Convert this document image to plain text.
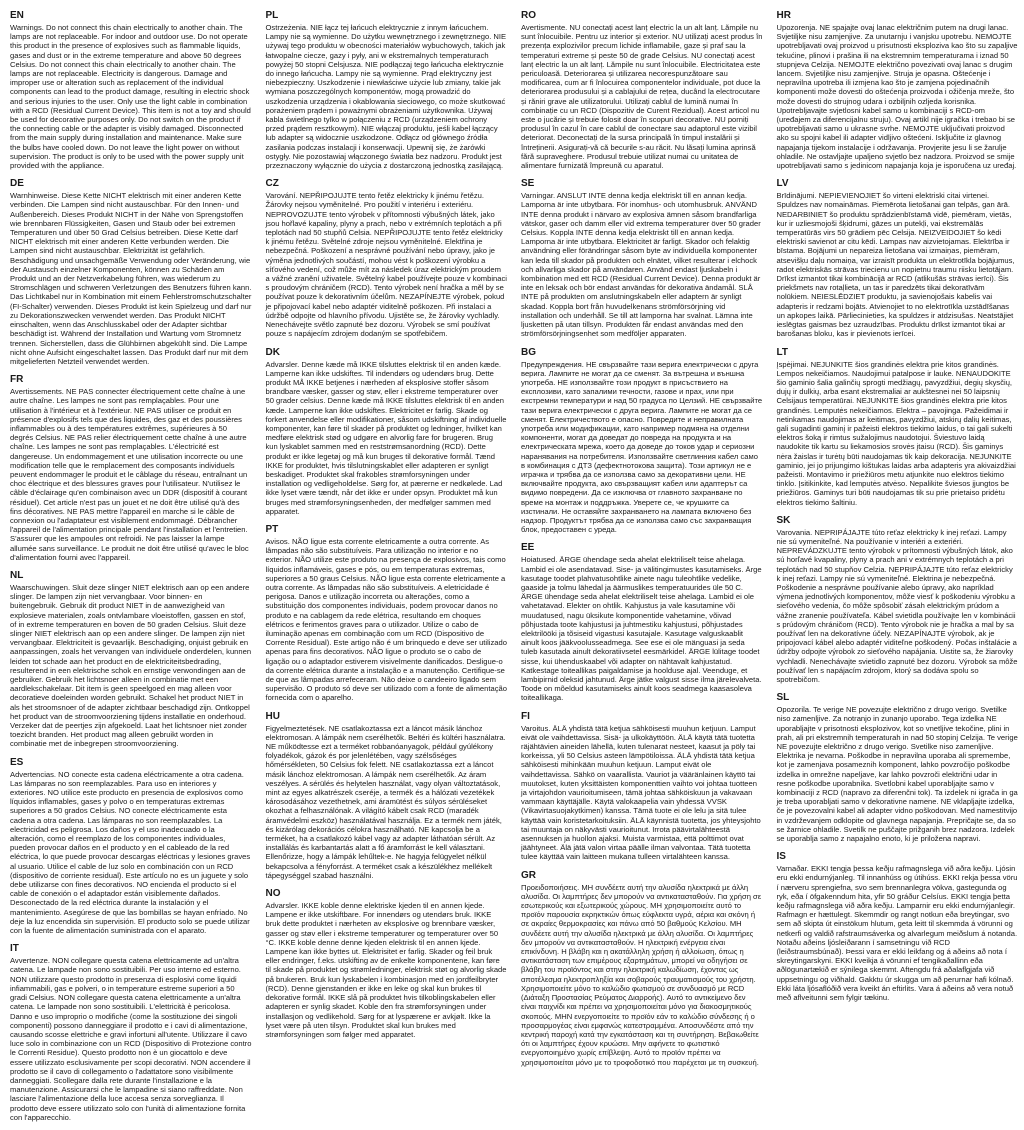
EN

Warnings. Do not connect this chain electrically to another chain. The lamps are not replaceable. For indoor and outdoor use. Do not operate this product in the presence of explosives such as flammable liquids, gases and dust or in the extreme temperature and above 50 degrees Celsius. Do not connect this chain electrically to another chain. The lamps are not replaceable. Electricity is dangerous. Damage and improper use or alteration such as replacement of the individual components can lead to the product damage, resulting in electric shock and serious injuries to the user. Only use the light cable in combination with a RCD (Residual Current Device). This item is not a toy and should be used for decorative purposes only. Do not switch on the product if the connecting cable or the adapter is visibly damaged. Disconnected from the main supply during installation and maintenance. Make sure the bulbs have cooled down. Do not leave the light power on without supervision. The product is only to be used with the power supply unit provided with the appliance.

DE

Warnhinweise. Diese Kette NICHT elektrisch mit einer anderen Kette verbinden. Die Lampen sind nicht austauschbar. Für den Innen- und Außenbereich. Dieses Produkt NICHT in der Nähe von Sprengstoffen wie brennbaren Flüssigkeiten, Gasen und Staub oder bei extremen Temperaturen und über 50 Grad Celsius betreiben. Diese Kette darf NICHT elektrisch mit einer anderen Kette verbunden werden. Die Lampen sind nicht austauschbar. Elektrizität ist gefährlich. Beschädigung und unsachgemäße Verwendung oder Veränderung, wie der Austausch einzelner Komponenten, können zu Schäden am Produkt und an der Netzverkabelung führen, was wiederum zu Stromschlägen und schweren Verletzungen des Benutzers führen kann. Das Lichtkabel nur in Kombination mit einem Fehlerstromschutzschalter (FI-Schalter) verwenden. Dieses Produkt ist kein Spielzeug und darf nur zu Dekorationszwecken verwendet werden. Das Produkt NICHT einschalten, wenn das Anschlusskabel oder der Adapter sichtbar beschädigt ist. Während der Installation und Wartung vom Stromnetz trennen. Sicherstellen, dass die Glühbirnen abgekühlt sind. Die Lampe nicht ohne Aufsicht eingeschaltet lassen. Das Produkt darf nur mit dem mitgelieferten Netzteil verwendet werden.

FR

Avertissements. NE PAS connecter électriquement cette chaîne à une autre chaîne. Les lampes ne sont pas remplaçables. Pour une utilisation à l'intérieur et à l'extérieur. NE PAS utiliser ce produit en présence d'explosifs tels que des liquides, des gaz et des poussières inflammables ou à des températures extrêmes, supérieures à 50 degrés Celsius. NE PAS relier électriquement cette chaîne à une autre chaîne. Les lampes ne sont pas remplaçables. L'électricité est dangereuse. Un endommagement et une utilisation incorrecte ou une modification telle que le remplacement des composants individuels peuvent endommager le produit et le câblage du réseau, entraînant un choc électrique et des blessures graves pour l'utilisateur. N'utilisez le câble d'éclairage qu'en combinaison avec un DDR (dispositif à courant résiduel). Cet article n'est pas un jouet et ne doit être utilisé qu'à des fins décoratives. NE PAS mettre l'appareil en marche si le câble de connexion ou l'adaptateur est visiblement endommagé. Débrancher l'appareil de l'alimentation principale pendant l'installation et l'entretien. S'assurer que les ampoules ont refroidi. Ne pas laisser la lampe allumée sans surveillance. Le produit ne doit être utilisé qu'avec le bloc d'alimentation fourni avec l'appareil.

NL

Waarschuwingen. Sluit deze slinger NIET elektrisch aan op een andere slinger. De lampen zijn niet vervangbaar. Voor binnen- en buitengebruik. Gebruik dit product NIET in de aanwezigheid van explosieve materialen, zoals ontvlambare vloeistoffen, gassen en stof, of in extreme temperaturen en boven de 50 graden Celsius. Sluit deze slinger NIET elektrisch aan op een andere slinger. De lampen zijn niet vervangbaar. Elektriciteit is gevaarlijk. Beschadiging, onjuist gebruik en aanpassingen, zoals het vervangen van individuele onderdelen, kunnen leiden tot schade aan het product en de elektriciteitsbedrading, resulterend in een elektrische schok en ernstige verwondingen aan de gebruiker. Gebruik het lichtsnoer alleen in combinatie met een aardlekschakelaar. Dit item is geen speelgoed en mag alleen voor decoratieve doeleinden worden gebruikt. Schakel het product NIET in als het stroomsnoer of de adapter zichtbaar beschadigd zijn. Ontkoppel het product van de stroomvoorziening tijdens installatie en onderhoud. Verzeker dat de peertjes zijn afgekoeld. Laat het lichtsnoer niet zonder toezicht branden. Het product mag alleen gebruikt worden in combinatie met de inbegrepen stroomvoorziening.

ES

Advertencias. NO conecte esta cadena eléctricamente a otra cadena. Las lámparas no son reemplazables. Para uso en interiores y exteriores. NO utilice este producto en presencia de explosivos como líquidos inflamables, gases y polvo o en temperaturas extremas superiores a 50 grados Celsius. NO conecte eléctricamente esta cadena a otra cadena. Las lámparas no son reemplazables. La electricidad es peligrosa. Los daños y el uso inadecuado o la alteración, como el reemplazo de los componentes individuales, pueden provocar daños en el producto y en el cableado de la red eléctrica, lo que puede provocar descargas eléctricas y lesiones graves al usuario. Utilice el cable de luz solo en combinación con un RCD (dispositivo de corriente residual). Este artículo no es un juguete y solo debe utilizarse con fines decorativos. NO encienda el producto si el cable de conexión o el adaptador están visiblemente dañados. Desconectado de la red eléctrica durante la instalación y el mantenimiento. Asegúrese de que las bombillas se hayan enfriado. No deje la luz encendida sin supervisión. El producto solo se puede utilizar con la fuente de alimentación suministrada con el aparato.

IT

Avvertenze. NON collegare questa catena elettricamente ad un'altra catena. Le lampade non sono sostituibili. Per uso interno ed esterno. NON utilizzare questo prodotto in presenza di esplosivi come liquidi infiammabili, gas e polveri, o in temperature estreme superiori a 50 gradi Celsius. NON collegare questa catena elettricamente a un'altra catena. Le lampade non sono sostituibili. L'elettricità è pericolosa. Danno e uso improprio o modifiche (come la sostituzione dei singoli componenti) possono danneggiare il prodotto e i cavi di alimentazione, causando scosse elettriche e gravi infortuni all'utente. Utilizzare il cavo luce solo in combinazione con un RCD (Dispositivo di Protezione contro le Correnti Residue). Questo prodotto non è un giocattolo e deve essere utilizzato esclusivamente per scopi decorativi. NON accendere il prodotto se il cavo di collegamento o l'adattatore sono visibilmente danneggiati. Scollegare dalla rete durante l'installazione e la manutenzione. Assicurarsi che le lampadine si siano raffreddate. Non lasciare l'alimentazione della luce accesa senza sorveglianza. Il prodotto deve essere utilizzato solo con l'unità di alimentazione fornita con l'apparecchio.

PL

Ostrzeżenia. NIE łącz tej łańcuch elektrycznie z innym łańcuchem. Lampy nie są wymienne. Do użytku wewnętrznego i zewnętrznego. NIE używaj tego produktu w obecności materiałów wybuchowych, takich jak łatwopalne ciecze, gazy i pyły, ani w ekstremalnych temperaturach powyżej 50 stopni Celsjusza. NIE podłączaj tego łańcucha elektrycznie do innego łańcucha. Lampy nie są wymienne. Prąd elektryczny jest niebezpieczny. Uszkodzenie i niewłaściwe użycie lub zmiany, takie jak wymiana poszczególnych komponentów, mogą prowadzić do uszkodzenia urządzenia i okablowania sieciowego, co może skutkować porażeniem prądem i poważnymi obrażeniami użytkownika. Używaj kabla świetlnego tylko w połączeniu z RCD (urządzeniem ochrony przed prądem resztkowym). NIE włączaj produktu, jeśli kabel łączący lub adapter są widocznie uszkodzone. Odłącz od głównego źródła zasilania podczas instalacji i konserwacji. Upewnij się, że żarówki ostygły. Nie pozostawiaj włączonego światła bez nadzoru. Produkt jest przeznaczony wyłącznie do użycia z dostarczoną jednostką zasilającą.

CZ

Varování. NEPŘIPOJUJTE tento řetěz elektricky k jinému řetězu. Žárovky nejsou vyměnitelné. Pro použití v interiéru i exteriéru. NEPROVOZUJTE tento výrobek v přítomnosti výbušných látek, jako jsou hořlavé kapaliny, plyny a prach, nebo v extrémních teplotách a při teplotách nad 50 stupňů Celsia. NEPŘIPOJUJTE tento řetěz elektricky k jinému řetězu. Světelné zdroje nejsou vyměnitelné. Elektřina je nebezpečná. Poškození a nesprávné používání nebo úpravy, jako je výměna jednotlivých součástí, mohou vést k poškození výrobku a síťového vedení, což může mít za následek úraz elektrickým proudem a vážné zranění uživatele. Světelný kabel používejte pouze v kombinaci s proudovým chráničem (RCD). Tento výrobek není hračka a měl by se používat pouze k dekorativním účelům. NEZAPÍNEJTE výrobek, pokud je připojovací kabel nebo adaptér viditelně poškozen. Při instalaci a údržbě odpojte od hlavního přívodu. Ujistěte se, že žárovky vychladly. Nenechávejte světlo zapnuté bez dozoru. Výrobek se smí používat pouze s napájecím zdrojem dodaným se spotřebičem.

DK

Advarsler. Denne kæde må IKKE tilsluttes elektrisk til en anden kæde. Lamperne kan ikke udskiftes. Til indendørs og udendørs brug. Dette produkt MÅ IKKE betjenes i nærheden af eksplosive stoffer såsom brandbare væsker, gasser og støv, eller i ekstreme temperaturer over 50 grader celsius. Denne kæde må IKKE tilsluttes elektrisk til en anden kæde. Lamperne kan ikke udskiftes. Elektricitet er farlig. Skade og forkert anvendelse eller modifikationer, såsom udskiftning af individuelle komponenter, kan føre til skader på produktet og ledninger, hvilket kan medføre elektrisk stød og udgøre en alvorlig fare for brugeren. Brug kun lyskablet sammen med en reststrømsanordning (RCD). Dette produkt er ikke legetøj og må kun bruges til dekorative formål. Tænd IKKE for produktet, hvis tilslutningskablet eller adapteren er synligt beskadiget. Produktet skal frakobles strømforsyningen under installation og vedligeholdelse. Sørg for, at pærerne er nedkølede. Lad ikke lyset være tændt, når det ikke er under opsyn. Produktet må kun bruges med strømforsyningsenheden, der medfølger sammen med apparatet.

PT

Avisos. NÃO ligue esta corrente eletricamente a outra corrente. As lâmpadas não são substituíveis. Para utilização no interior e no exterior. NÃO utilize este produto na presença de explosivos, tais como líquidos inflamáveis, gases e pós, ou em temperaturas extremas, superiores a 50 graus Celsius. NÃO ligue esta corrente eletricamente a outra corrente. As lâmpadas não são substituíveis. A eletricidade é perigosa. Danos e utilização incorreta ou alterações, como a substituição dos componentes individuais, podem provocar danos no produto e na cablagem da rede elétrica, resultando em choques elétricos e ferimentos graves para o utilizador. Utilize o cabo de iluminação apenas em combinação com um RCD (Dispositivo de Corrente Residual). Este artigo não é um brinquedo e deve ser utilizado apenas para fins decorativos. NÃO ligue o produto se o cabo de ligação ou o adaptador estiverem visivelmente danificados. Desligue-o da corrente elétrica durante a instalação e a manutenção. Certifique-se de que as lâmpadas arrefeceram. Não deixe o candeeiro ligado sem supervisão. O produto só deve ser utilizado com a fonte de alimentação fornecida com o aparelho.

HU

Figyelmeztetések. NE csatlakoztassa ezt a láncot másik lánchoz elektromosan. A lámpák nem cserélhetők. Beltéri és kültéri használatra. NE működtesse ezt a terméket robbanóanyagok, például gyúlékony folyadékok, gázok és por jelenlétében, vagy szélsőséges hőmérsékleten, 50 Celsius fok felett. NE csatlakoztassa ezt a láncot másik lánchoz elektromosan. A lámpák nem cserélhetők. Az áram veszélyes. A sérülés és helytelen használat, vagy olyan változtatások, mint az egyes alkatrészek cseréje, a termék és a hálózati vezetékek károsodásához vezethetnek, ami áramütést és súlyos sérüléseket okozhat a felhasználónak. A világító kábelt csak RCD (maradék áramvédelmi eszköz) használatával használja. Ez a termék nem játék, és kizárólag dekorációs célokra használható. NE kapcsolja be a terméket, ha a csatlakozó kábel vagy az adapter láthatóan sérült. Az installálás és karbantartás alatt a fő áramforrást le kell választani. Ellenőrizze, hogy a lámpák lehűltek-e. Ne hagyja felügyelet nélkül bekapcsolva a fényforrást. A terméket csak a készülékhez mellékelt tápegységgel szabad használni.

NO

Advarsler. IKKE koble denne elektriske kjeden til en annen kjede. Lampene er ikke utskiftbare. For innendørs og utendørs bruk. IKKE bruk dette produktet i nærheten av eksplosive og brennbare væsker, gasser og støv eller i ekstreme temperaturer og temperaturer over 50 °C. IKKE koble denne denne kjeden elektrisk til en annen kjede. Lampene kan ikke byttes ut. Elektrisitet er farlig. Skader og feil bruk eller endringer, f.eks. utskifting av de enkelte komponentene, kan føre til skade på produktet og strømledninger, elektrisk støt og alvorlig skade på brukeren. Bruk kun lyskabelen i kombinasjon med en jordfeilbryter (RCD). Denne gjenstanden er ikke en leke og skal kun brukes til dekorative formål. IKKE slå på produktet hvis tilkoblingskabelen eller adapteren er synlig skadet. Koble den fra strømforsyningen under installasjon og vedlikehold. Sørg for at lyspærene er avkjølt. Ikke la lyset være på uten tilsyn. Produktet skal kun brukes med strømforsyningen som følger med apparatet.

RO

Avertismente. NU conectați acest lanț electric la un alt lanț. Lămpile nu sunt înlocuibile. Pentru uz interior și exterior. NU utilizați acest produs în prezența explozivilor precum lichide inflamabile, gaze și praf sau la temperaturi extreme și peste 50 de grade Celsius. NU conectați acest lanț electric la un alt lanț. Lămpile nu sunt înlocuibile. Electricitatea este periculoasă. Deteriorarea și utilizarea necorespunzătoare sau modificarea, cum ar fi înlocuirea componentelor individuale, pot duce la deteriorarea produsului și a cablajului de rețea, ducând la electrocutare și răniri grave ale utilizatorului. Utilizați cablul de lumină numai în combinație cu un RCD (Dispozitiv de Curent Rezidual). Acest articol nu este o jucărie și trebuie folosit doar în scopuri decorative. NU porniți produsul în cazul în care cablul de conectare sau adaptorul este vizibil deteriorat. Deconectați de la sursa principală în timpul instalării și întreținerii. Asigurați-vă că becurile s-au răcit. Nu lăsați lumina aprinsă fără supraveghere. Produsul trebuie utilizat numai cu unitatea de alimentare furnizată împreună cu aparatul.

SE

Varningar. ANSLUT INTE denna kedja elektriskt till en annan kedja. Lamporna är inte utbytbara. För inomhus- och utomhusbruk. ANVÄND INTE denna produkt i närvaro av explosiva ämnen såsom brandfarliga vätskor, gaser och damm eller vid extrema temperaturer över 50 grader Celsius. Koppla INTE denna kedja elektriskt till en annan kedja. Lamporna är inte utbytbara. Elektricitet är farligt. Skador och felaktig användning eller förändringar såsom byte av individuella komponenter kan leda till skador på produkten och elnätet, vilket resulterar i elchock och allvarliga skador på användaren. Använd endast ljuskabeln i kombination med ett RCD (Residual Current Device). Denna produkt är inte en leksak och bör endast användas för dekorativa ändamål. SLÅ INTE på produkten om anslutningskabeln eller adaptern är synligt skadad. Koppla bort från huvudelkenans strömförsörjning vid installation och underhåll. Se till att lamporna har svalnat. Lämna inte ljusketten på utan tillsyn. Produkten får endast användas med den strömförsörjningsenhet som medföljer apparaten.

BG

Предупреждения. НЕ свързвайте тази верига електрически с друга верига. Лампите не могат да се сменят. За вътрешна и външна употреба. НЕ използвайте този продукт в присъствието на експлозиви, като запалими течности, газове и прах, или при екстремни температури и над 50 градуса по Целзий. НЕ свързвайте тази верига електрически с друга верига. Лампите не могат да се сменят. Електричеството е опасно. Повредите и неправилната употреба или модификации, като например подмяна на отделни компоненти, могат да доведат до повреда на продукта и на електрическата мрежа, което да доведе до токов удар и сериозни наранявания на потребителя. Използвайте светлинния кабел само в комбинация с ДТЗ (дефектнотокова защита). Този артикул не е играчка и трябва да се използва само за декоративни цели. НЕ включвайте продукта, ако свързващият кабел или адаптерът са видимо повредени. Да се изключва от главното захранване по време на монтаж и поддръжка. Уверете се, че крушките са изстинали. Не оставяйте захранването на лампата включено без надзор. Продуктът трябва да се използва само със захранващия блок, предоставен с уреда.

EE

Hoiatused. ÄRGE ühendage seda ahelat elektriliselt teise ahelaga. Lambid ei ole asendatavad. Sise- ja välitingimustes kasutamiseks. Ärge kasutage toodet plahvatusohtlike ainete nagu tuleohtlike vedelike, gaaside ja tolmu lähedal ja äärmuslikes temperatuurides üle 50 C. ÄRGE ühendage seda ahelat elektriliselt teise ahelaga. Lambid ei ole vahetatavad. Elekter on ohtlik. Kahjustus ja vale kasutamine või muudatused, nagu üksikute komponentide vahetamine, võivad põhjustada toote kahjustusi ja juhtmestiku kahjustusi, põhjustades elektrilööki ja tõsiseid vigastusi kasutajale. Kasutage valguskaablit ainult koos jääkvoolusseadmega. See ese ei ole mänguasi ja seda tuleb kasutada ainult dekoratiivsetel eesmärkidel. ÄRGE lülitage toodet sisse, kui ühenduskaabel või adapter on nähtavalt kahjustatud. Katkestage toiteallikas paigaldamise ja hoolduse ajal. Veenduge, et lambipirnid oleksid jahtunud. Ärge jätke valgust sisse ilma järelevalveta. Toode on mõeldud kasutamiseks ainult koos seadmega kaasasoleva toiteallikaga.

FI

Varoitus. ÄLÄ yhdistä tätä ketjua sähköisesti muuhun ketjuun. Lamput eivät ole vaihdettavissa. Sisä- ja ulkokäyttöön. ÄLÄ käytä tätä tuotetta räjähtävien aineiden lähellä, kuten tulenarat nesteet, kaasut ja pöly tai korkeissa, yli 50 Celsius asteen lämpötiloissa. ÄLÄ yhdistä tätä ketjua sähköisesti mihinkään muuhun ketjuun. Lamput eivät ole vaihdettavissa. Sähkö on vaarallista. Vauriot ja vääränlainen käyttö tai muutokset, kuten yksittäisten komponenttien vaihto voi johtaa tuotteen ja virtajohdon vaurioitumiseen, tämä johtaa sähköiskuun ja vakavaan vammaan käyttäjälle. Käytä valokaapelia vain yhdessä VVSK (Vikavirtasuojakytkimen) kanssa. Tämä tuote ei ole lelu ja sitä tulee käyttää vain koristetarkoituksiin. ÄLÄ käynnistä tuotetta, jos yhteysjohto tai muuntaja on näkyvästi vaurioitunut. Irrota päävirtalähteestä asennuksen ja huollon ajaksi. Muista varmistaa, että polttimot ovat jäähtyneet. Älä jätä valon virtaa päälle ilman valvontaa. Tätä tuotetta tulee käyttää vain laitteen mukana tulleen virtalähteen kanssa.

GR

Προειδοποιήσεις. ΜΗ συνδέετε αυτή την αλυσίδα ηλεκτρικά με άλλη αλυσίδα. Οι λαμπτήρες δεν μπορούν να αντικατασταθούν. Για χρήση σε εσωτερικούς και εξωτερικούς χώρους. ΜΗ χρησιμοποιείτε αυτό το προϊόν παρουσία εκρηκτικών όπως εύφλεκτα υγρά, αέρια και σκόνη ή σε ακραίες θερμοκρασίες και πάνω από 50 βαθμούς Κελσίου. ΜΗ συνδέετε αυτή την αλυσίδα ηλεκτρικά με άλλη αλυσίδα. Οι λαμπτήρες δεν μπορούν να αντικατασταθούν. Η ηλεκτρική ενέργεια είναι επικίνδυνη. Η βλάβη και η ακατάλληλη χρήση ή αλλοίωση, όπως η αντικατάσταση των επιμέρους εξαρτημάτων, μπορεί να οδηγήσει σε βλάβη του προϊόντος και στην ηλεκτρική καλωδίωση, έχοντας ως αποτέλεσμα ηλεκτροπληξία και σοβαρούς τραυματισμούς του χρήστη. Χρησιμοποιείτε μόνο το καλώδιο φωτισμού σε συνδυασμό με RCD (Διάταξη Προστασίας Ρεύματος Διαρροής). Αυτό το αντικείμενο δεν είναι παιχνίδι και πρέπει να χρησιμοποιείται μόνο για διακοσμητικούς σκοπούς. ΜΗΝ ενεργοποιείτε το προϊόν εάν το καλώδιο σύνδεσης ή ο προσαρμογέας είναι εμφανώς κατεστραμμένα. Αποσυνδέστε από την κεντρική παροχή κατά την εγκατάσταση και τη συντήρηση. Βεβαιωθείτε ότι οι λαμπτήρες έχουν κρυώσει. Μην αφήνετε το φωτιστικό ενεργοποιημένο χωρίς επίβλεψη. Αυτό το προϊόν πρέπει να χρησιμοποιείται μόνο με το τροφοδοτικό που παρέχεται με τη συσκευή.

HR

Upozorenja. NE spajajte ovaj lanac električnim putem na drugi lanac. Svjetiljke nisu zamjenjive. Za unutarnju i vanjsku upotrebu. NEMOJTE upotrebljavati ovaj proizvod u prisutnosti eksploziva kao što su zapaljive tekućine, plinovi i prašina ili na ekstremnim temperaturama i iznad 50 stupnjeva Celzija. NEMOJTE električno povezivati ovaj lanac s drugim lancem. Svjetiljke nisu zamjenjive. Struja je opasna. Oštećenje i nepravilna upotreba ili izmjena kao što je zamjena pojedinačnih komponenti može dovesti do oštećenja proizvoda i ožičenja mreže, što može dovesti do strujnog udara i ozbiljnih ozljeda korisnika. Upotrebljavajte svjetlosni kabel samo u kombinaciji s RCD-om (uređajem za diferencijalnu struju). Ovaj artikl nije igračka i trebao bi se upotrebljavati samo u ukrasne svrhe. NEMOJTE uključivati proizvod ako su spojni kabel ili adapter vidljivo oštećeni. Isključite iz glavnog napajanja tijekom instalacije i održavanja. Provjerite jesu li se žarulje ohladile. Ne ostavljajte upaljeno svjetlo bez nadzora. Proizvod se smije upotrebljavati samo s jedinicom napajanja koja je isporučena uz uređaj.

LV

Brīdinājumi. NEPIEVIENOJIET šo virteni elektriski citai virtenei. Spuldzes nav nomaināmas. Piemērota lietošanai gan telpās, gan ārā. NEDARBINIET šo produktu sprādzienbīstamā vidē, piemēram, vietās, kur ir uzliesmojoši šķidrumi, gāzes un putekļi, vai ekstremālās temperatūrās virs 50 grādiem pēc Celsija. NEIZVEIDOJIET šo kēdi elektriski savienot ar citu kēdi. Lampas nav aizvietojamas. Elektrība ir bīstama. Bojājumi un nepareiza lietošana vai izmaiņas, piemēram, atsevišķu daļu nomaiņa, var izraisīt produkta un elektrotīkla bojājumus, radot elektriskās strāvas triecienu un nopietnu traumu riisku lietotājam. Drīkst izmantot tikai kombinācijā ar RCD (atlikušās strāvas ierīci). Šis priekšmets nav rotaļlieta, un tas ir paredzēts tikai dekoratīvām nolūkiem. NEIESLĒDZIET produktu, ja savienojošais kabelis vai adapteris ir redzami bojāts. Atvienojiet to no elektrotīkla uzstādīšanas un apkopes laikā. Pārliecinieties, ka spuldzes ir atdzisušas. Neatstājiet ieslēgtas gaismas bez uzraudzības. Produktu drīkst izmantot tikai ar barošanas bloku, kas ir pievienots ierīcei.

LT

Įspėjimai. NEJUNKITE šios grandinės elektra prie kitos grandinės. Lempos nekeičiamos. Naudojimui patalpose ir lauke. NENAUDOKITE šio gaminio šalia galinčių sprogti medžiagų, pavyzdžiui, degių skysčių, dujų ir dulkių, arba esant ekstremaliai ar aukštesnei nei 50 laipsnių Celsijaus temperatūrai. NEJUNKITE šios grandinės elektra prie kitos grandinės. Lemputės nekeičiamos. Elektra – pavojinga. Pažeidimai ir netinkamas naudojimas ar keitimas, pavyzdžiui, atskirų dalių keitimas, gali sugadinti gaminį ir pažeisti elektros tiekimo laidus, o tai gali sukelti elektros šoką ir rimtus sužalojimus naudotojui. Šviestuvo laidą naudokite tik kartu su liekamosios srovės įtaisu (RCD). Šis gaminys nėra žaislas ir turėtų būti naudojamas tik kaip dekoracija. NEJUNKITE gaminio, jei jo prijungimo kištukas laidas arba adapteris yra akivaizdžiai pažeisti. Montavimo ir priežiūros metu atjunkite nuo elektros tiekimo tinklo. Įsitikinkite, kad lemputės atvėso. Nepalikite šviesos įjungtos be priežiūros. Gaminys turi būti naudojamas tik su prie prietaiso pridėtu elektros tiekimo šaltiniu.

SK

Varovania. NEPRIPÁJAJTE túto reťaz elektricky k inej reťazi. Lampy nie sú vymeniteľné. Na používanie v interiéri a exteriéri. NEPREVÁDZKUJTE tento výrobok v prítomnosti výbušných látok, ako sú horľavé kvapaliny, plyny a prach ani v extrémnych teplotách a pri teplotách nad 50 stupňov Celzia. NEPRIPÁJAJTE túto reťaz elektricky k inej reťazi. Lampy nie sú vymeniteľné. Elektrina je nebezpečná. Poškodenie a nesprávne používanie alebo úpravy, ako napríklad výmena jednotlivých komponentov, môže viesť k poškodeniu výrobku a sieťového vedenia, čo môže spôsobiť zásah elektrickým prúdom a vážne zranenie používateľa. Kábel svietidla používajte len v kombinácii s prúdovým chráničom (RCD). Tento výrobok nie je hračka a mal by sa používať len na dekoratívne účely. NEZAPÍNAJTE výrobok, ak je pripojovací kábel alebo adaptér viditeľne poškodený. Počas inštalácie a údržby odpojte výrobok zo sieťového napájania. Uistite sa, že žiarovky vychladli. Nenechávajte svietidlo zapnuté bez dozoru. Výrobok sa môže používať len s napájacím zdrojom, ktorý sa dodáva spolu so spotrebičom.

SL

Opozorila. Te verige NE povezujte električno z drugo verigo. Svetilke niso zamenljive. Za notranjo in zunanjo uporabo. Tega izdelka NE uporabljajte v prisotnosti eksplozivov, kot so vnetljive tekočine, plini in prah, ali pri ekstremnih temperaturah in nad 50 stopinj Celzija. Te verige NE povezujte električno z drugo verigo. Svetilke niso zamenljive. Elektrika je nevarna. Poškodbe in nepravilna uporaba ali spremembe, kot je zamenjava posameznih komponent, lahko povzročijo poškodbe izdelka in omrežne napeljave, kar lahko povzroči električni udar in resne poškodbe uporabnika. Svetlobni kabel uporabljajte samo v kombinaciji z RCD (napravo za diferenčni tok). Ta izdelek ni igrača in ga je treba uporabljati samo v dekorativne namene. NE vklapljajte izdelka, če je povezovalni kabel ali adapter vidno poškodovan. Med namestitvijo in vzdrževanjem odklopite od glavnega napajanja. Prepričajte se, da so se žarnice ohladile. Svetilk ne puščajte prižganih brez nadzora. Izdelek se uporablja samo z napajalno enoto, ki je priložena napravi.

IS

Varnaðar. EKKI tengja þessa keðju rafmagnslega við aðra keðju. Ljósin eru ekki endurnýjanleg. Til innanhúss og útihúss. EKKI rekja þessa vöru í nærveru sprengiefna, svo sem brennanlegra vökva, gastegunda og ryk, eða í öfgakenndum hita, yfir 50 gráður Celsíus. EKKI tengja þetta keðju rafmagnslega við aðra keðju. Lamparnir eru ekki endurnýjanlegir. Rafmagn er hættulegt. Skemmdir og rangt notkun eða breytingar, svo sem að skipta út einstökum hlutum, geta leitt til skemmda á vörunni og netkerfi og valdið rafstraumsáverka og alvarlegum meiðslum á notanda. Notaðu aðeins ljósleiðarann í samsetningu við RCD (leiðstraumsbúnað). Þessi vara er ekki leikfang og á aðeins að nota í skreytingarskyni. EKKI kveikja á vörunni ef tengikaðallinn eða aðlögunartækið er sýnilega skemmt. Aftengdu frá aðalaflgjafa við uppsetningu og viðhald. Gakktu úr skugga um að perurnar hafi kólnað. Ekki láta ljósaflóðið vera kveikt án eftirlits. Vara á aðeins að vera notuð með aflveitunni sem fylgir tækinu.
